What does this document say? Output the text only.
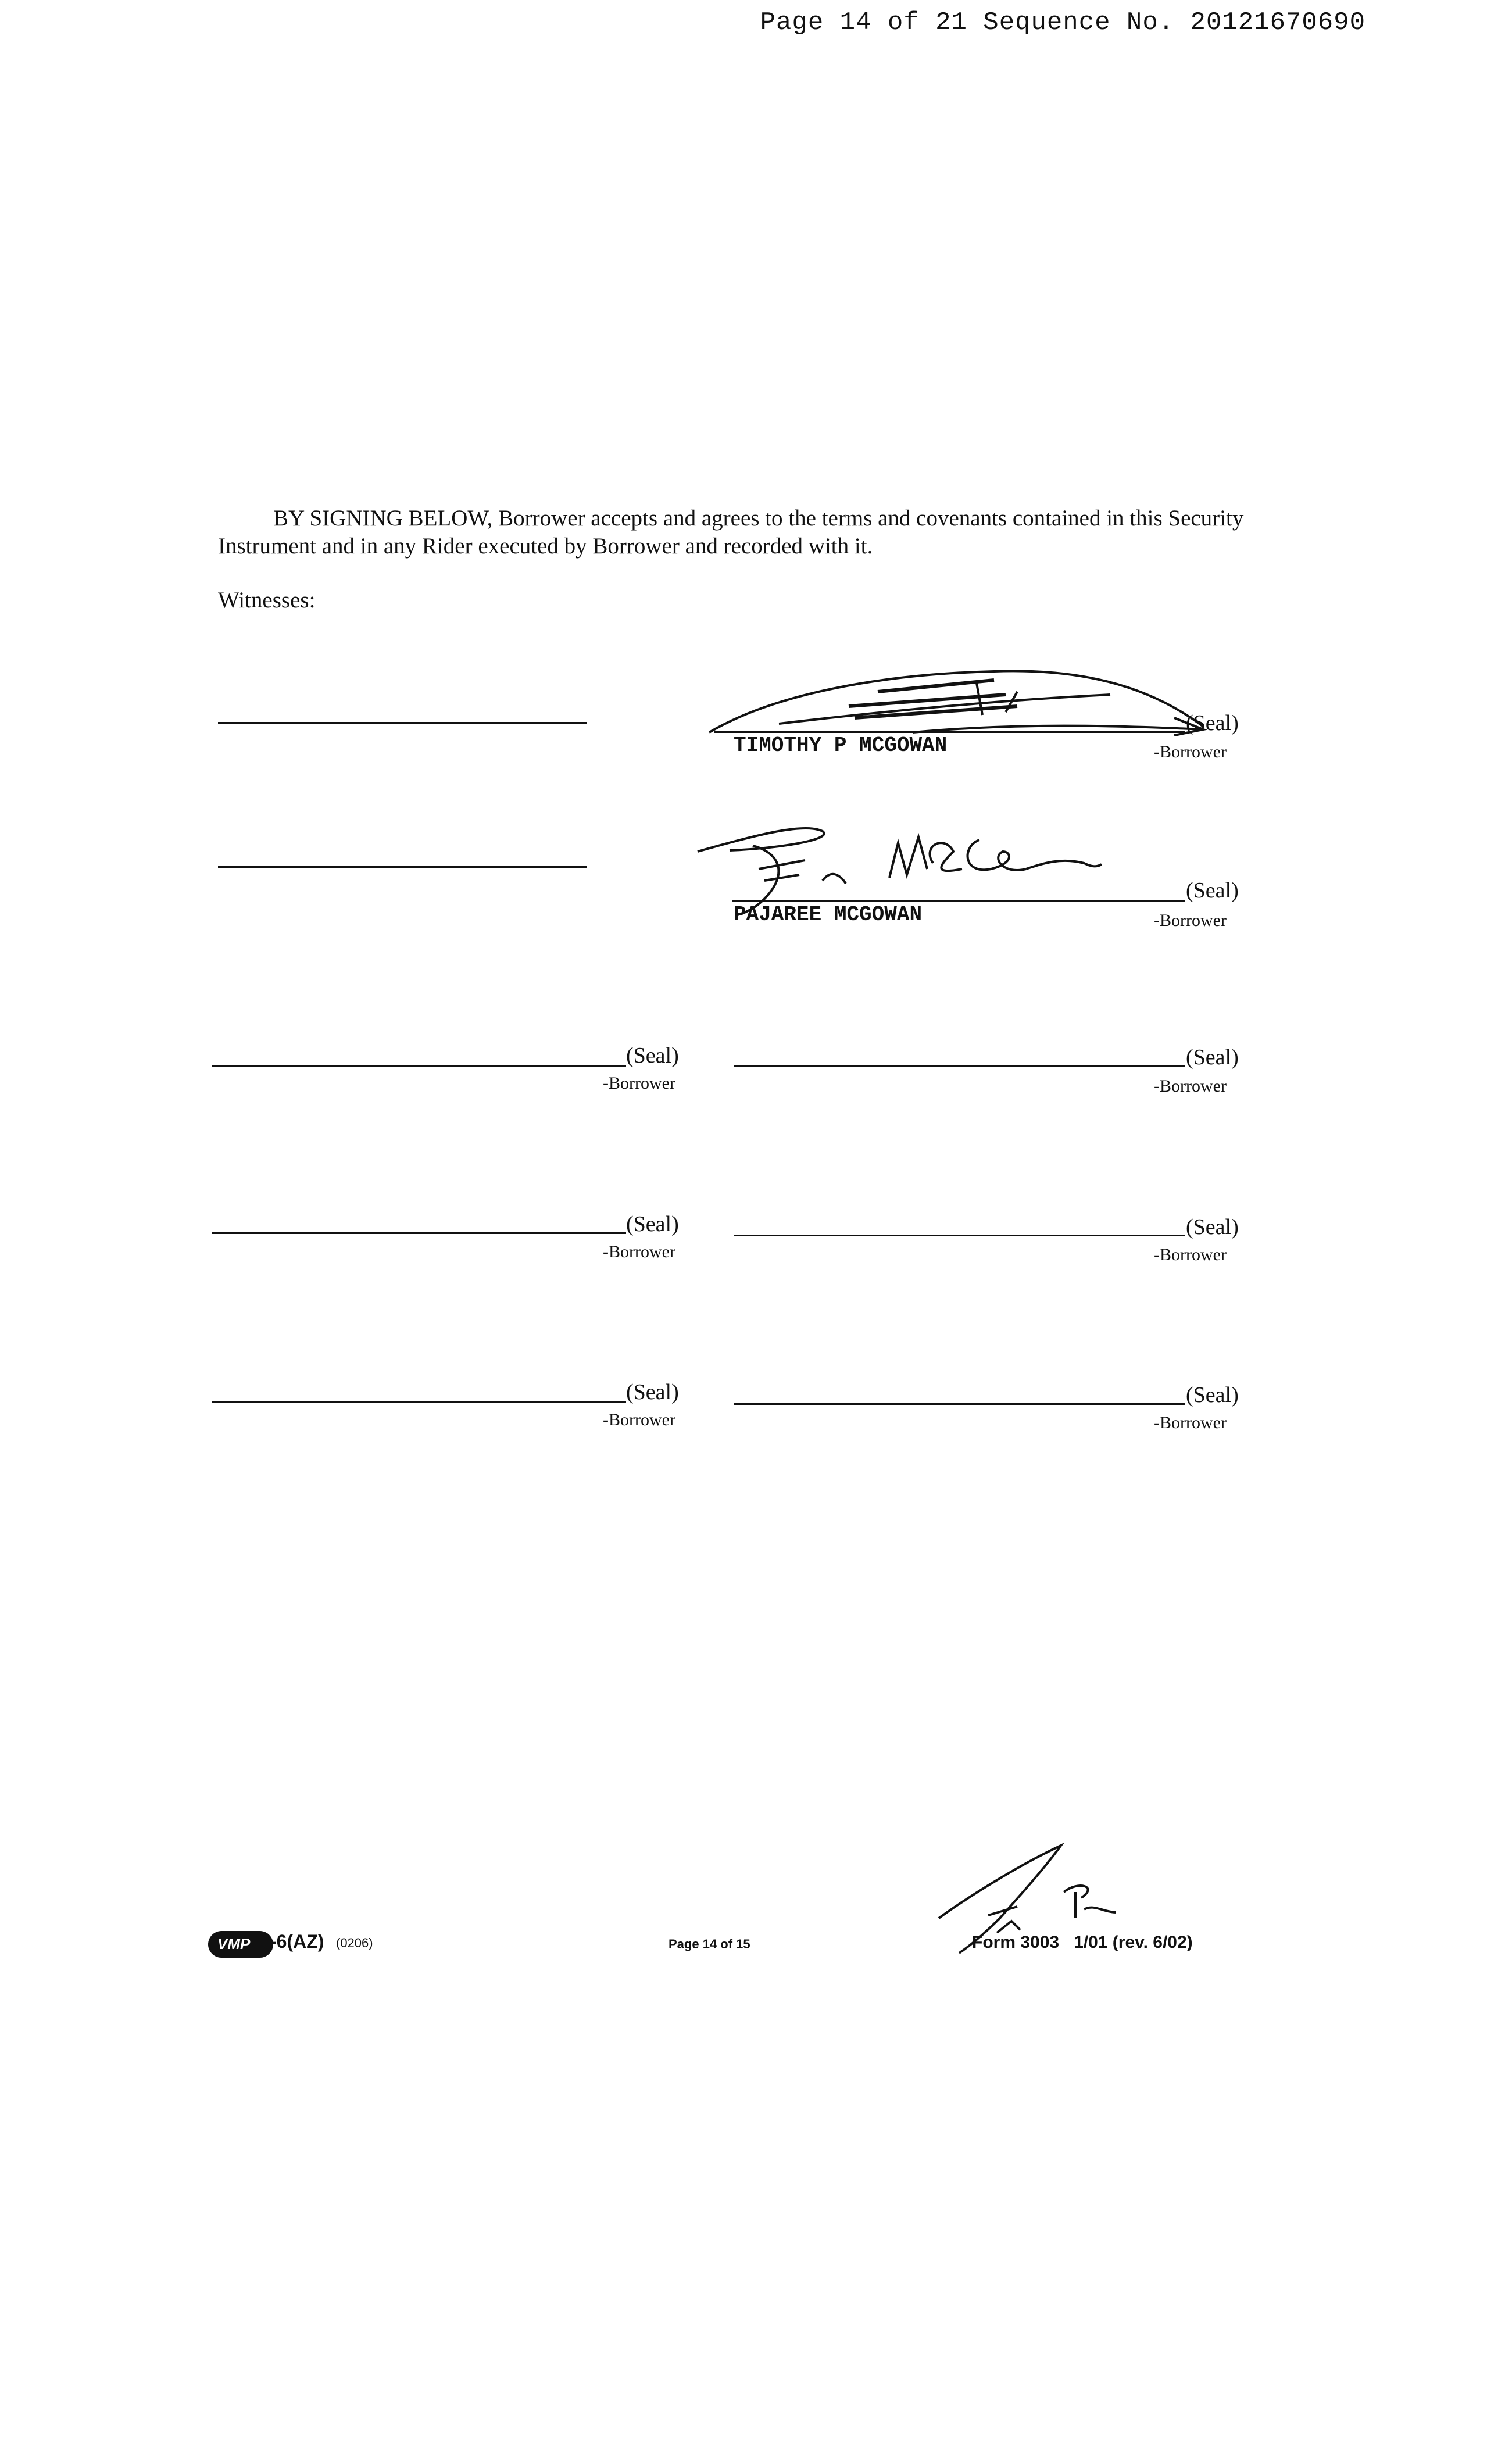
Page 14 of 21 Sequence No. 20121670690
BY SIGNING BELOW, Borrower accepts and agrees to the terms and covenants contained in this Security Instrument and in any Rider executed by Borrower and recorded with it.
Witnesses:
(Seal)
TIMOTHY P MCGOWAN	-Borrower
(Seal)
PAJAREE MCGOWAN	-Borrower
(Seal)
-Borrower
(Seal)
-Borrower
(Seal)
-Borrower
(Seal)
-Borrower
(Seal)
-Borrower
(Seal)
-Borrower
VMP -6(AZ) (0206)	Page 14 of 15	Form 3003   1/01 (rev. 6/02)
